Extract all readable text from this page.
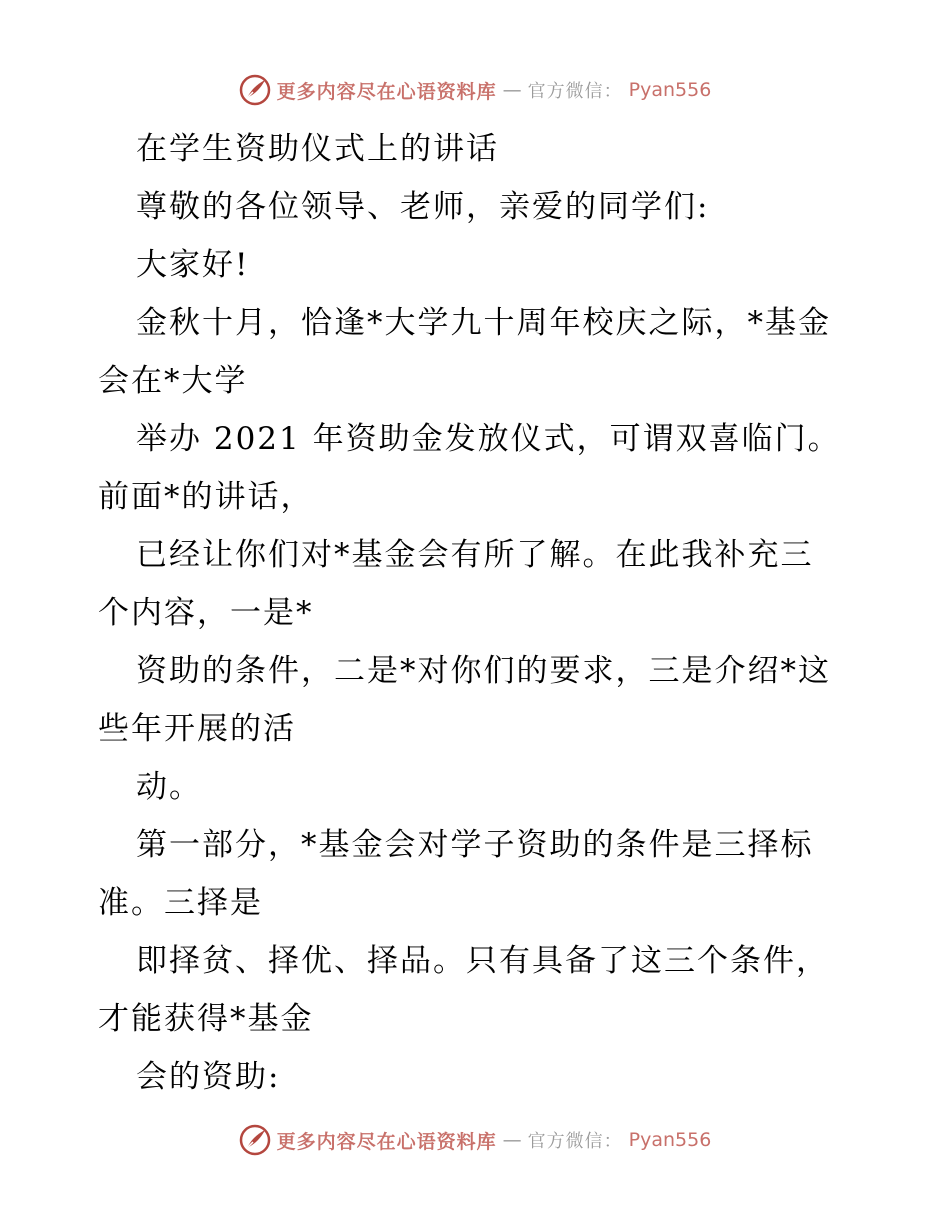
更多内容尽在心语资料库 — 官方微信： Pyan556
在学生资助仪式上的讲话
尊敬的各位领导、老师，亲爱的同学们:
大家好!
金秋十月，恰逢*大学九十周年校庆之际，*基金
会在*大学
举办 2021 年资助金发放仪式，可谓双喜临门。
前面*的讲话，
已经让你们对*基金会有所了解。在此我补充三
个内容，一是*
资助的条件，二是*对你们的要求，三是介绍*这
些年开展的活
动。
第一部分，*基金会对学子资助的条件是三择标
准。三择是
即择贫、择优、择品。只有具备了这三个条件，
才能获得*基金
会的资助:
更多内容尽在心语资料库 — 官方微信： Pyan556
